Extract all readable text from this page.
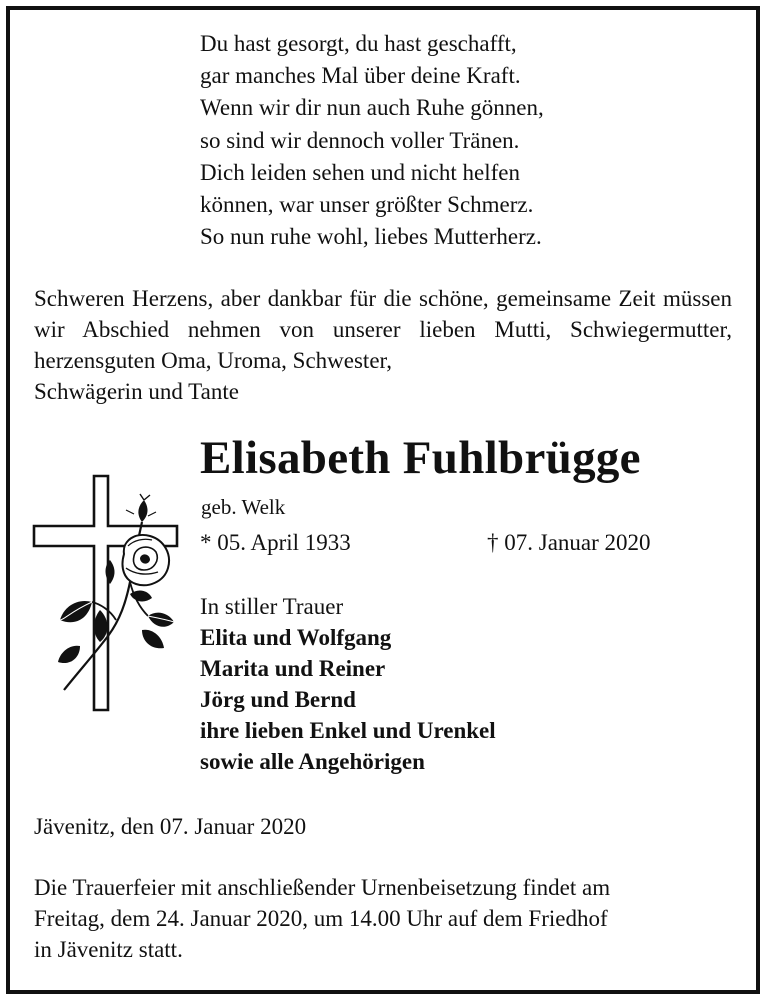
Du hast gesorgt, du hast geschafft,
gar manches Mal über deine Kraft.
Wenn wir dir nun auch Ruhe gönnen,
so sind wir dennoch voller Tränen.
Dich leiden sehen und nicht helfen
können, war unser größter Schmerz.
So nun ruhe wohl, liebes Mutterherz.
Schweren Herzens, aber dankbar für die schöne, gemeinsame Zeit müssen wir Abschied nehmen von unserer lieben Mutti, Schwiegermutter, herzensguten Oma, Uroma, Schwester,
Schwägerin und Tante
Elisabeth Fuhlbrügge
geb. Welk
* 05. April 1933	† 07. Januar 2020
In stiller Trauer
Elita und Wolfgang
Marita und Reiner
Jörg und Bernd
ihre lieben Enkel und Urenkel
sowie alle Angehörigen
Jävenitz, den 07. Januar 2020
Die Trauerfeier mit anschließender Urnenbeisetzung findet am
Freitag, dem 24. Januar 2020, um 14.00 Uhr auf dem Friedhof
in Jävenitz statt.
